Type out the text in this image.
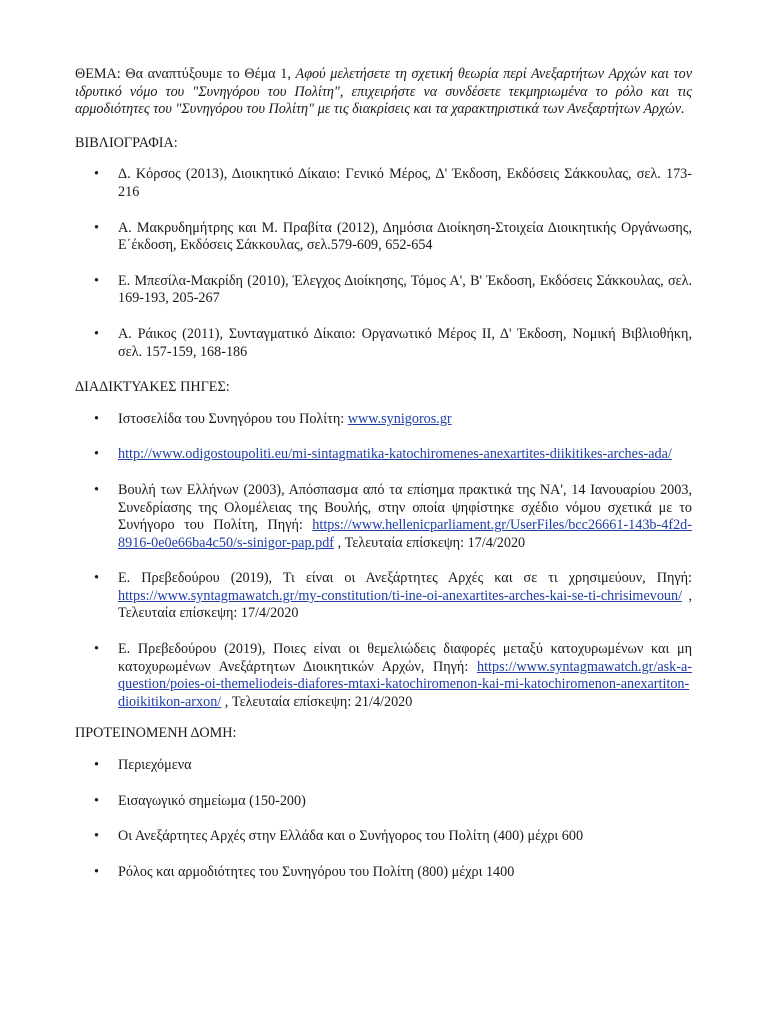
ΘΕΜΑ: Θα αναπτύξουμε το Θέμα 1, Αφού μελετήσετε τη σχετική θεωρία περί Ανεξαρτήτων Αρχών και τον ιδρυτικό νόμο του "Συνηγόρου του Πολίτη", επιχειρήστε να συνδέσετε τεκμηριωμένα το ρόλο και τις αρμοδιότητες του "Συνηγόρου του Πολίτη" με τις διακρίσεις και τα χαρακτηριστικά των Ανεξαρτήτων Αρχών.

ΒΙΒΛΙΟΓΡΑΦΙΑ:

• Δ. Κόρσος (2013), Διοικητικό Δίκαιο: Γενικό Μέρος, Δ' Έκδοση, Εκδόσεις Σάκκουλας, σελ. 173-216
• Α. Μακρυδημήτρης και Μ. Πραβίτα (2012), Δημόσια Διοίκηση-Στοιχεία Διοικητικής Οργάνωσης, Ε΄έκδοση, Εκδόσεις Σάκκουλας, σελ.579-609, 652-654
• Ε. Μπεσίλα-Μακρίδη (2010), Έλεγχος Διοίκησης, Τόμος Α', Β' Έκδοση, Εκδόσεις Σάκκουλας, σελ. 169-193, 205-267
• Α. Ράικος (2011), Συνταγματικό Δίκαιο: Οργανωτικό Μέρος ΙΙ, Δ' Έκδοση, Νομική Βιβλιοθήκη, σελ. 157-159, 168-186

ΔΙΑΔΙΚΤΥΑΚΕΣ ΠΗΓΕΣ:

• Ιστοσελίδα του Συνηγόρου του Πολίτη: www.synigoros.gr
• http://www.odigostoupoliti.eu/mi-sintagmatika-katochiromenes-anexartites-diikitikes-arches-ada/
• Βουλή των Ελλήνων (2003), Απόσπασμα από τα επίσημα πρακτικά της ΝΑ', 14 Ιανουαρίου 2003, Συνεδρίασης της Ολομέλειας της Βουλής, στην οποία ψηφίστηκε σχέδιο νόμου σχετικά με το Συνήγορο του Πολίτη, Πηγή: https://www.hellenicparliament.gr/UserFiles/bcc26661-143b-4f2d-8916-0e0e66ba4c50/s-sinigor-pap.pdf , Τελευταία επίσκεψη: 17/4/2020
• Ε. Πρεβεδούρου (2019), Τι είναι οι Ανεξάρτητες Αρχές και σε τι χρησιμεύουν, Πηγή: https://www.syntagmawatch.gr/my-constitution/ti-ine-oi-anexartites-arches-kai-se-ti-chrisimevoun/ , Τελευταία επίσκεψη: 17/4/2020
• Ε. Πρεβεδούρου (2019), Ποιες είναι οι θεμελιώδεις διαφορές μεταξύ κατοχυρωμένων και μη κατοχυρωμένων Ανεξάρτητων Διοικητικών Αρχών, Πηγή: https://www.syntagmawatch.gr/ask-a-question/poies-oi-themeliodeis-diafores-mtaxi-katochiromenon-kai-mi-katochiromenon-anexartiton-dioikitikon-arxon/ , Τελευταία επίσκεψη: 21/4/2020

ΠΡΟΤΕΙΝΟΜΕΝΗ ΔΟΜΗ:

• Περιεχόμενα
• Εισαγωγικό σημείωμα (150-200)
• Οι Ανεξάρτητες Αρχές στην Ελλάδα και ο Συνήγορος του Πολίτη (400) μέχρι 600
• Ρόλος και αρμοδιότητες του Συνηγόρου του Πολίτη (800) μέχρι 1400
